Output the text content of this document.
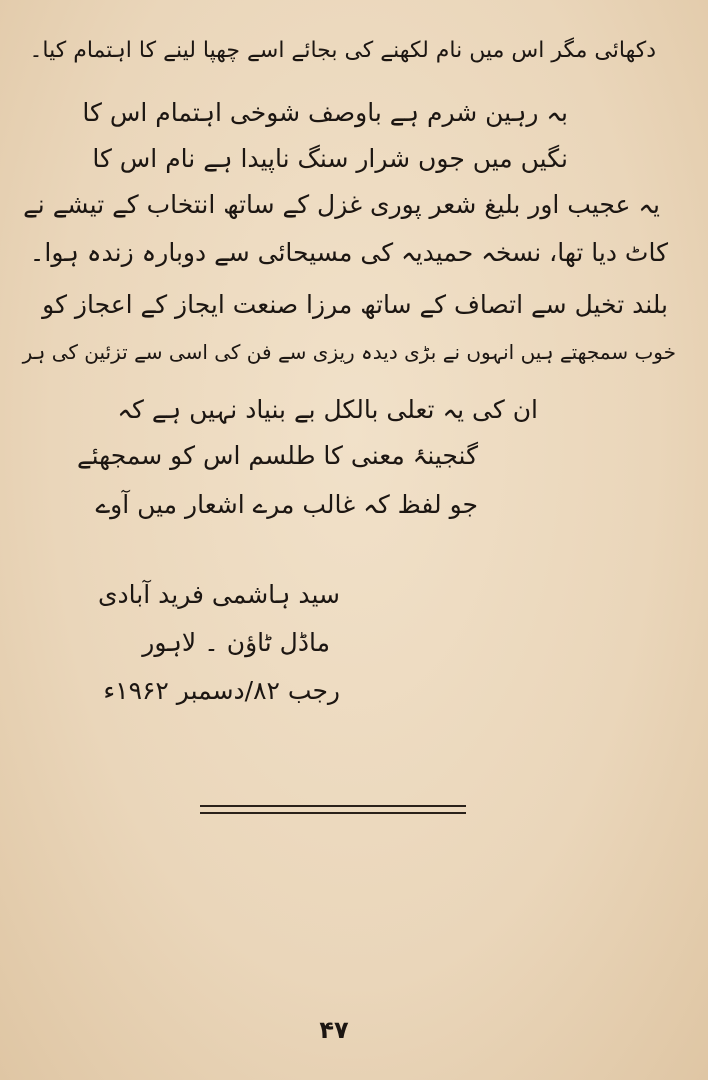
دکھائی مگر اس میں نام لکھنے کی بجائے اسے چھپا لینے کا اہتمام کیا۔
بہ رہین شرم ہے باوصف شوخی اہتمام اس کا
نگیں میں جوں شرار سنگ ناپیدا ہے نام اس کا
یہ عجیب اور بلیغ شعر پوری غزل کے ساتھ انتخاب کے تیشے نے
کاٹ دیا تھا، نسخہ حمیدیہ کی مسیحائی سے دوبارہ زندہ ہوا۔
بلند تخیل سے اتصاف کے ساتھ مرزا صنعت ایجاز کے اعجاز کو
خوب سمجھتے ہیں انہوں نے بڑی دیدہ ریزی سے فن کی اسی سے تزئین کی ہر
ان کی یہ تعلی بالکل بے بنیاد نہیں ہے کہ
گنجینۂ معنی کا طلسم اس کو سمجھئے
جو لفظ کہ غالب مرے اشعار میں آوے
سید ہاشمی فرید آبادی
ماڈل ٹاؤن ۔ لاہور
رجب ۸۲/دسمبر ۱۹۶۲ء
۴۷
